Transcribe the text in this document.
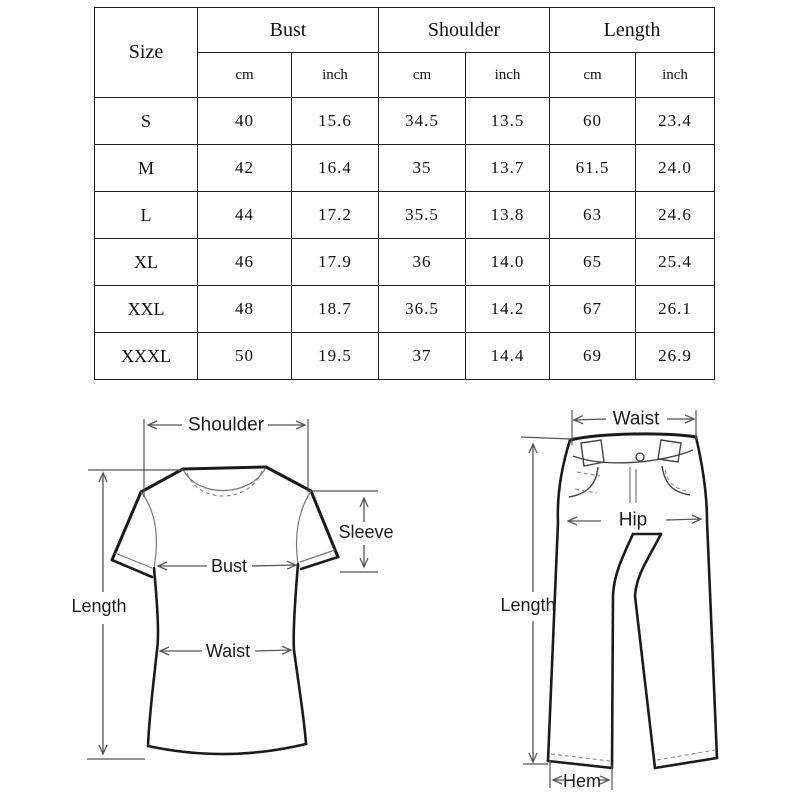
Size	Bust		Shoulder		Length	
	cm	inch	cm	inch	cm	inch
S	40	15.6	34.5	13.5	60	23.4
M	42	16.4	35	13.7	61.5	24.0
L	44	17.2	35.5	13.8	63	24.6
XL	46	17.9	36	14.0	65	25.4
XXL	48	18.7	36.5	14.2	67	26.1
XXXL	50	19.5	37	14.4	69	26.9
Shoulder
Sleeve
Bust
Length
Waist
Waist
Hip
Length
Hem
